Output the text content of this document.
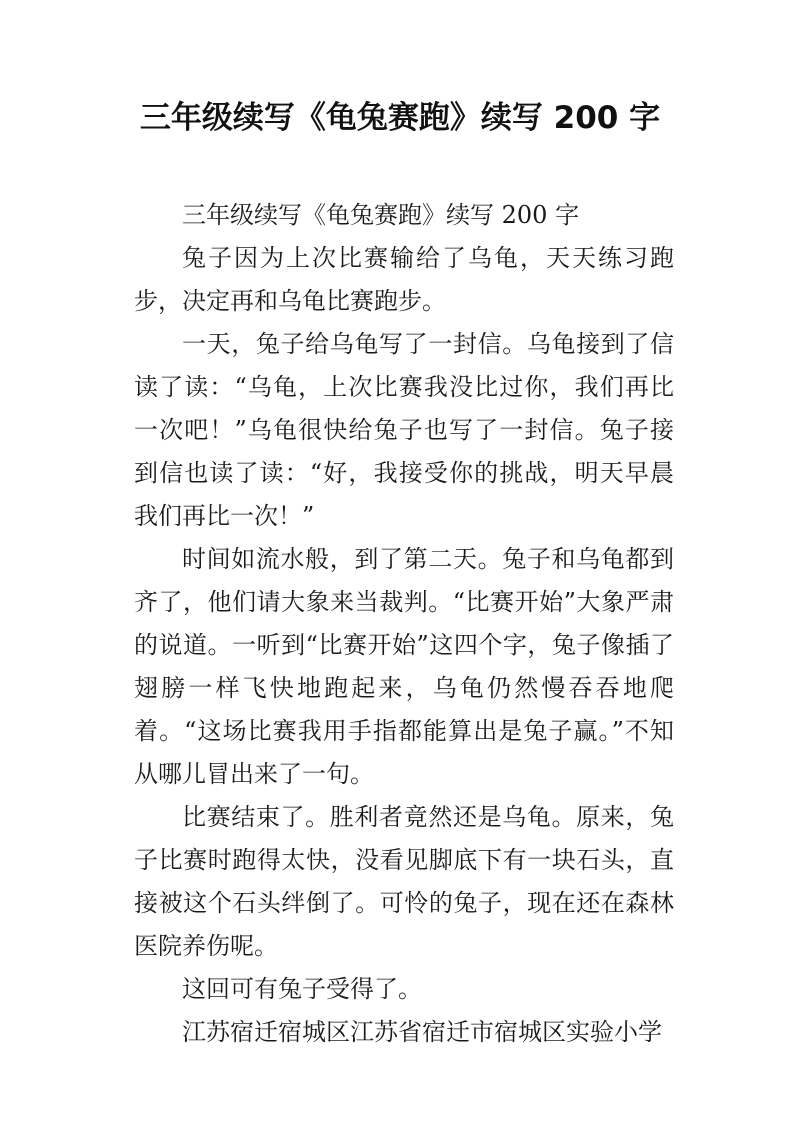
三年级续写《龟兔赛跑》续写 200 字

三年级续写《龟兔赛跑》续写 200 字

兔子因为上次比赛输给了乌龟，天天练习跑步，决定再和乌龟比赛跑步。

一天，兔子给乌龟写了一封信。乌龟接到了信读了读：“乌龟，上次比赛我没比过你，我们再比一次吧！”乌龟很快给兔子也写了一封信。兔子接到信也读了读：“好，我接受你的挑战，明天早晨我们再比一次！”

时间如流水般，到了第二天。兔子和乌龟都到齐了，他们请大象来当裁判。“比赛开始”大象严肃的说道。一听到“比赛开始”这四个字，兔子像插了翅膀一样飞快地跑起来，乌龟仍然慢吞吞地爬着。“这场比赛我用手指都能算出是兔子赢。”不知从哪儿冒出来了一句。

比赛结束了。胜利者竟然还是乌龟。原来，兔子比赛时跑得太快，没看见脚底下有一块石头，直接被这个石头绊倒了。可怜的兔子，现在还在森林医院养伤呢。

这回可有兔子受得了。

江苏宿迁宿城区江苏省宿迁市宿城区实验小学
